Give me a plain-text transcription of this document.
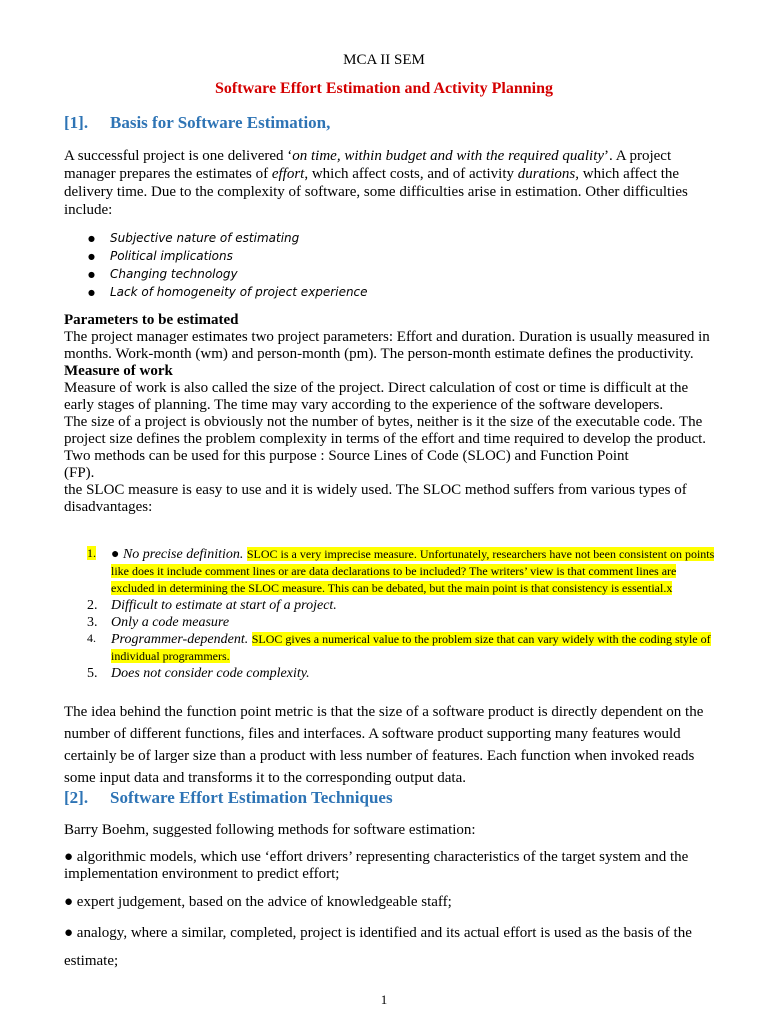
MCA II SEM
Software Effort Estimation and Activity Planning
[1]. Basis for Software Estimation,
A successful project is one delivered ‘on time, within budget and with the required quality’. A project manager prepares the estimates of effort, which affect costs, and of activity durations, which affect the delivery time. Due to the complexity of software, some difficulties arise in estimation. Other difficulties include:
● Subjective nature of estimating
● Political implications
● Changing technology
● Lack of homogeneity of project experience
Parameters to be estimated
The project manager estimates two project parameters: Effort and duration. Duration is usually measured in months. Work-month (wm) and person-month (pm). The person-month estimate defines the productivity.
Measure of work
Measure of work is also called the size of the project. Direct calculation of cost or time is difficult at the early stages of planning. The time may vary according to the experience of the software developers.
The size of a project is obviously not the number of bytes, neither is it the size of the executable code. The project size defines the problem complexity in terms of the effort and time required to develop the product.
Two methods can be used for this purpose : Source Lines of Code (SLOC) and Function Point
(FP).
the SLOC measure is easy to use and it is widely used. The SLOC method suffers from various types of disadvantages:
1. ● No precise definition. SLOC is a very imprecise measure. Unfortunately, researchers have not been consistent on points like does it include comment lines or are data declarations to be included? The writers’ view is that comment lines are excluded in determining the SLOC measure. This can be debated, but the main point is that consistency is essential.x
2. Difficult to estimate at start of a project.
3. Only a code measure
4. Programmer-dependent. SLOC gives a numerical value to the problem size that can vary widely with the coding style of individual programmers.
5. Does not consider code complexity.
The idea behind the function point metric is that the size of a software product is directly dependent on the number of different functions, files and interfaces. A software product supporting many features would certainly be of larger size than a product with less number of features. Each function when invoked reads some input data and transforms it to the corresponding output data.
[2]. Software Effort Estimation Techniques
Barry Boehm, suggested following methods for software estimation:
● algorithmic models, which use ‘effort drivers’ representing characteristics of the target system and the implementation environment to predict effort;
● expert judgement, based on the advice of knowledgeable staff;
● analogy, where a similar, completed, project is identified and its actual effort is used as the basis of the estimate;
1
